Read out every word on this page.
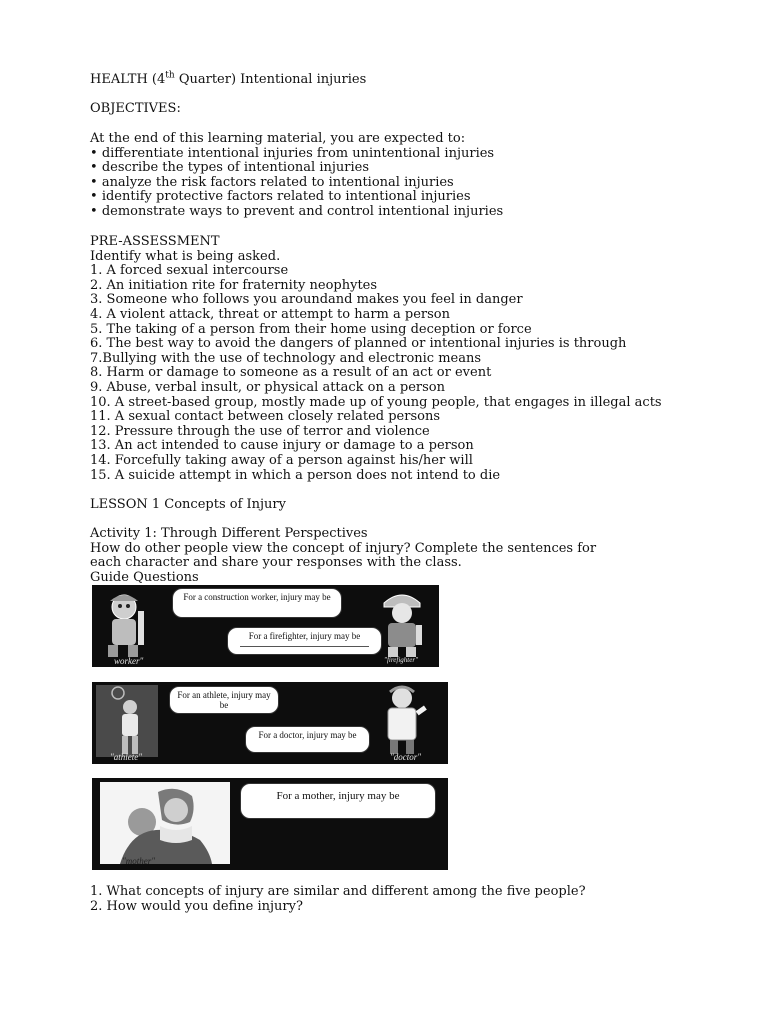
HEALTH (4th Quarter) Intentional injuries
OBJECTIVES:
At the end of this learning material, you are expected to:
• differentiate intentional injuries from unintentional injuries
• describe the types of intentional injuries
• analyze the risk factors related to intentional injuries
• identify protective factors related to intentional injuries
• demonstrate ways to prevent and control intentional injuries
PRE-ASSESSMENT
Identify what is being asked.
1. A forced sexual intercourse
2. An initiation rite for fraternity neophytes
3. Someone who follows you aroundand makes you feel in danger
4. A violent attack, threat or attempt to harm a person
5. The taking of a person from their home using deception or force
6. The best way to avoid the dangers of planned or intentional injuries is through
7.Bullying with the use of technology and electronic means
8. Harm or damage to someone as a result of an act or event
9. Abuse, verbal insult, or physical attack on a person
10. A street-based group, mostly made up of young people, that engages in illegal acts
11. A sexual contact between closely related persons
12. Pressure through the use of terror and violence
13. An act intended to cause injury or damage to a person
14. Forcefully taking away of a person against his/her will
15. A suicide attempt in which a person does not intend to die
LESSON 1 Concepts of Injury
Activity 1: Through Different Perspectives
How do other people view the concept of injury? Complete the sentences for
each character and share your responses with the class.
Guide Questions
worker"
For a construction worker, injury may be
For a firefighter, injury may be
"firefighter"
"athlete"
For an athlete, injury may be
For a doctor, injury may be
"doctor"
"mother"
For a mother, injury may be
1. What concepts of injury are similar and different among the five people?
2. How would you define injury?
